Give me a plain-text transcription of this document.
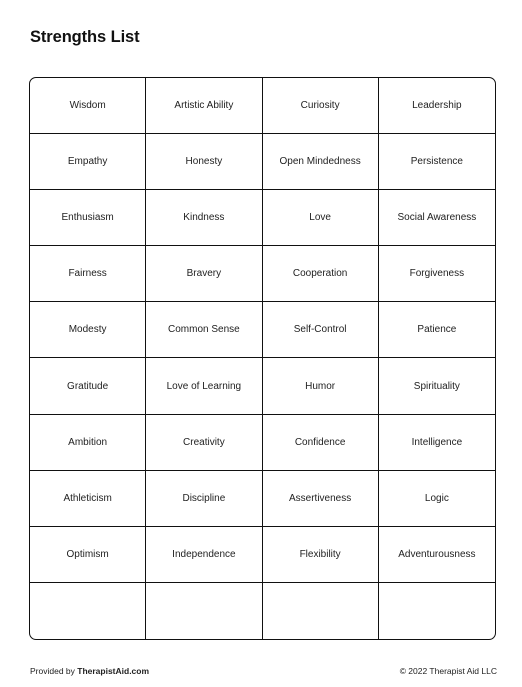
Strengths List
Wisdom	Artistic Ability	Curiosity	Leadership
Empathy	Honesty	Open Mindedness	Persistence
Enthusiasm	Kindness	Love	Social Awareness
Fairness	Bravery	Cooperation	Forgiveness
Modesty	Common Sense	Self-Control	Patience
Gratitude	Love of Learning	Humor	Spirituality
Ambition	Creativity	Confidence	Intelligence
Athleticism	Discipline	Assertiveness	Logic
Optimism	Independence	Flexibility	Adventurousness
Provided by TherapistAid.com	© 2022 Therapist Aid LLC
